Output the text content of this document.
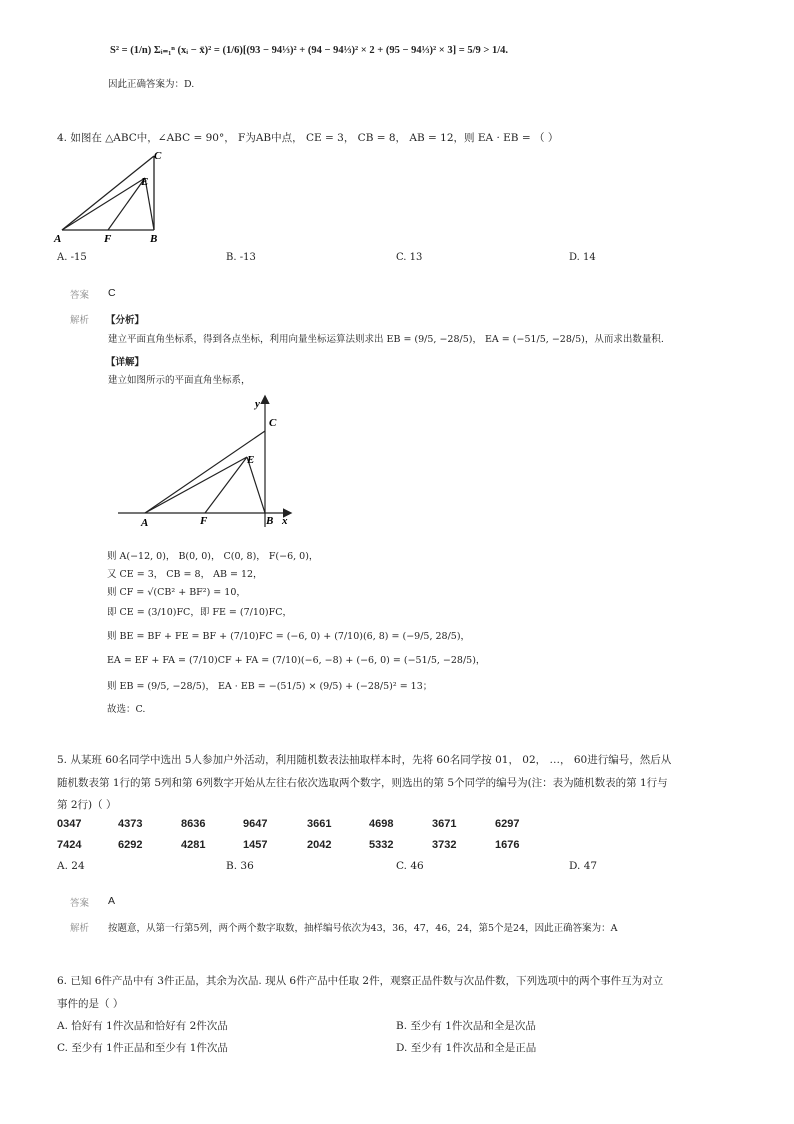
S² = (1/n) Σᵢ₌₁ⁿ (xᵢ − x̄)² = (1/6)[(93 − 94⅓)² + (94 − 94⅓)² × 2 + (95 − 94⅓)² × 3] = 5/9 > 1/4.
因此正确答案为：D.
4. 如图在 △ABC中，∠ABC = 90°， F为AB中点， CE = 3， CB = 8， AB = 12，则 EA · EB = （ ）
C
E
A	F	B
A. -15	B. -13	C. 13	D. 14
答案 C
解析 【分析】
建立平面直角坐标系，得到各点坐标，利用向量坐标运算法则求出 EB = (9/5, −28/5)， EA = (−51/5, −28/5)，从而求出数量积.
【详解】
建立如图所示的平面直角坐标系，
y
x
C
E
A	F	B
则 A(−12, 0)， B(0, 0)， C(0, 8)， F(−6, 0)，
又 CE = 3， CB = 8， AB = 12，
则 CF = √(CB² + BF²) = 10，
即 CE = (3/10)FC，即 FE = (7/10)FC，
则 BE = BF + FE = BF + (7/10)FC = (−6, 0) + (7/10)(6, 8) = (−9/5, 28/5)，
EA = EF + FA = (7/10)CF + FA = (7/10)(−6, −8) + (−6, 0) = (−51/5, −28/5)，
则 EB = (9/5, −28/5)， EA · EB = −(51/5) × (9/5) + (−28/5)² = 13；
故选：C.
5. 从某班 60名同学中选出 5人参加户外活动，利用随机数表法抽取样本时，先将 60名同学按 01， 02， …， 60进行编号，然后从
随机数表第 1行的第 5列和第 6列数字开始从左往右依次选取两个数字，则选出的第 5个同学的编号为(注：表为随机数表的第 1行与
第 2行)（ ）
0347	4373	8636	9647	3661	4698	3671	6297
7424	6292	4281	1457	2042	5332	3732	1676
A. 24	B. 36	C. 46	D. 47
答案 A
解析 按题意，从第一行第5列，两个两个数字取数，抽样编号依次为43，36，47，46，24，第5个是24，因此正确答案为：A
6. 已知 6件产品中有 3件正品，其余为次品. 现从 6件产品中任取 2件，观察正品件数与次品件数，下列选项中的两个事件互为对立
事件的是（ ）
A. 恰好有 1件次品和恰好有 2件次品	B. 至少有 1件次品和全是次品
C. 至少有 1件正品和至少有 1件次品	D. 至少有 1件次品和全是正品
